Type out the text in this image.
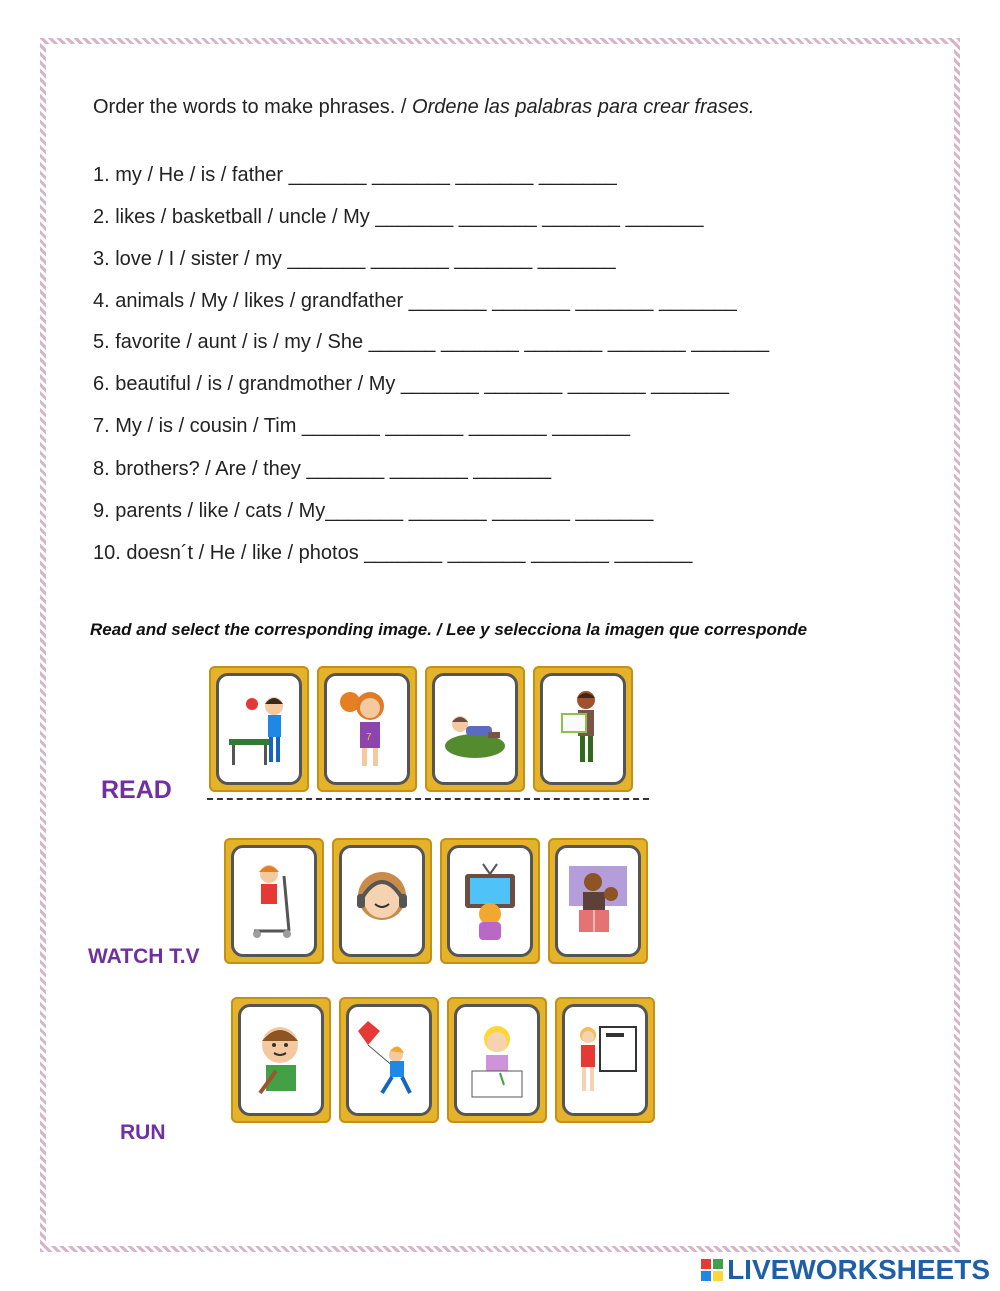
Order the words to make phrases. / Ordene las palabras para crear frases.
1. my / He / is / father _______ _______ _______ _______
2. likes / basketball / uncle / My _______ _______ _______ _______
3. love / I / sister / my _______ _______ _______ _______
4. animals / My / likes / grandfather _______ _______ _______ _______
5. favorite / aunt / is / my / She ______ _______ _______ _______ _______
6. beautiful / is / grandmother / My _______ _______ _______ _______
7. My / is / cousin / Tim _______ _______ _______ _______
8. brothers? / Are / they _______ _______ _______
9. parents / like / cats / My_______ _______ _______ _______
10. doesn´t / He / like / photos _______ _______ _______ _______
Read and select the corresponding image. / Lee y selecciona la imagen que corresponde
READ
7
WATCH T.V
RUN
LIVEWORKSHEETS
